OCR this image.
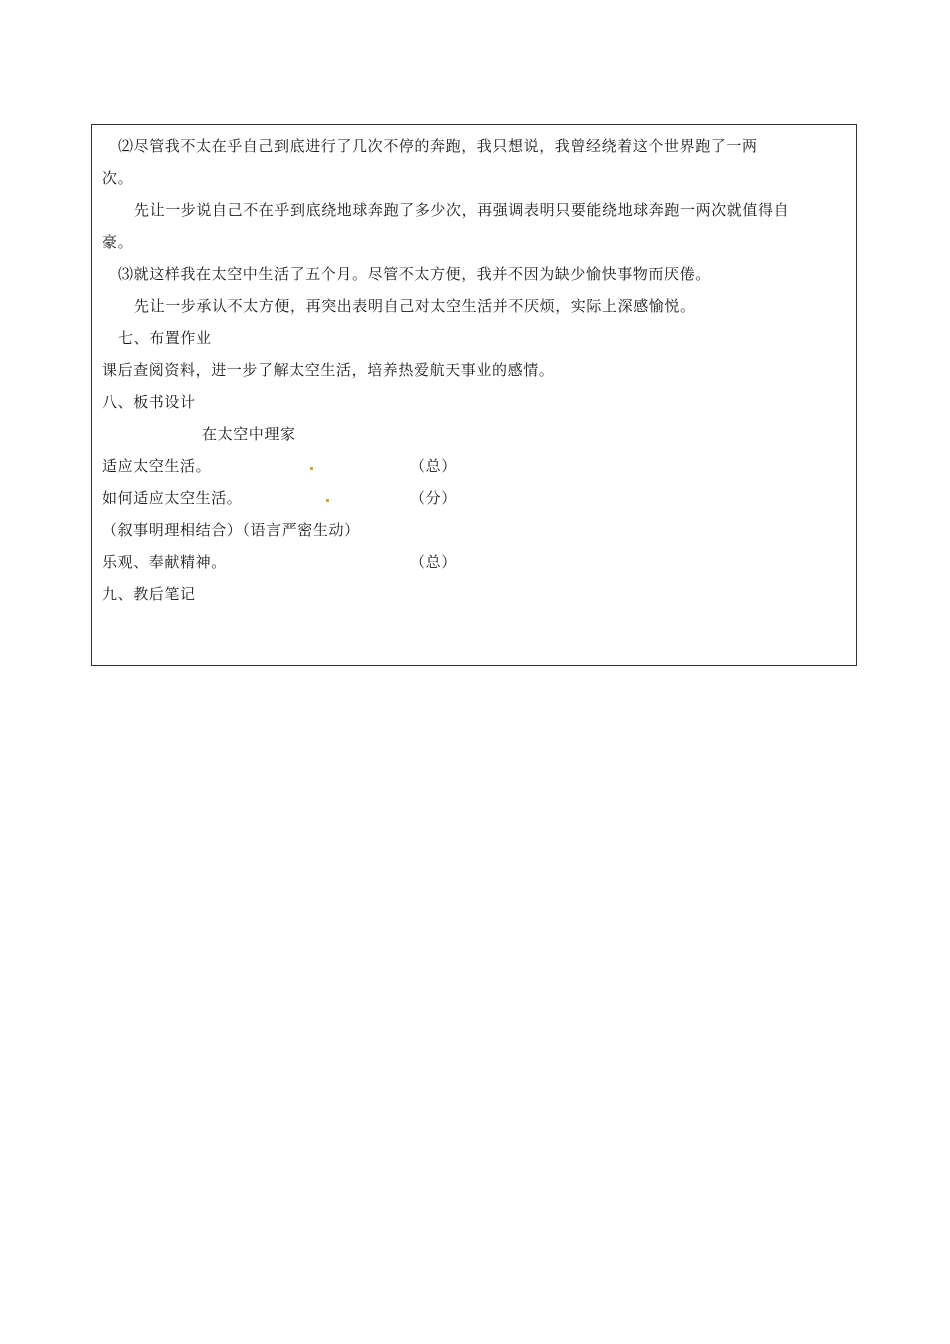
⑵尽管我不太在乎自己到底进行了几次不停的奔跑，我只想说，我曾经绕着这个世界跑了一两
次。
先让一步说自己不在乎到底绕地球奔跑了多少次，再强调表明只要能绕地球奔跑一两次就值得自
豪。
⑶就这样我在太空中生活了五个月。尽管不太方便，我并不因为缺少愉快事物而厌倦。
先让一步承认不太方便，再突出表明自己对太空生活并不厌烦，实际上深感愉悦。
七、布置作业
课后查阅资料，进一步了解太空生活，培养热爱航天事业的感情。
八、板书设计
在太空中理家
适应太空生活。	（总）
如何适应太空生活。	（分）
（叙事明理相结合）（语言严密生动）
乐观、奉献精神。	（总）
九、教后笔记
